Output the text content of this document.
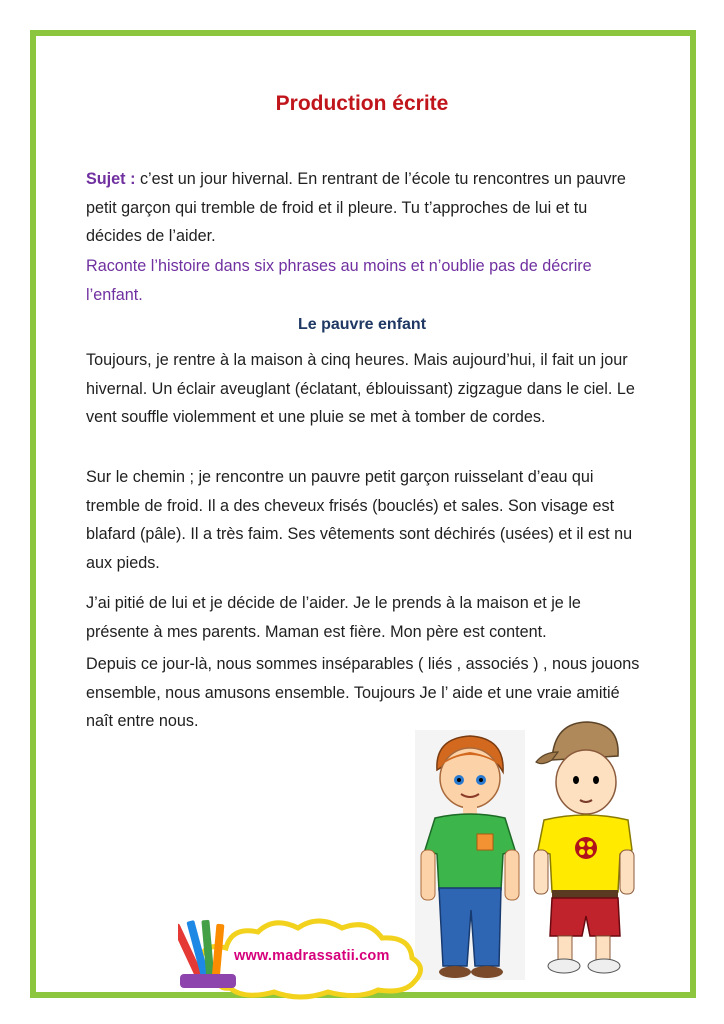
Production écrite

Sujet : c’est un jour hivernal. En rentrant de l’école tu rencontres un pauvre petit garçon qui tremble de froid et il pleure. Tu t’approches de lui et tu décides de l’aider.

Raconte l’histoire dans six phrases au moins et n’oublie pas de décrire l’enfant.

Le pauvre enfant

Toujours, je rentre à la maison à cinq heures. Mais aujourd’hui, il fait un jour hivernal. Un éclair aveuglant (éclatant, éblouissant) zigzague dans le ciel. Le vent souffle violemment et une pluie se met à tomber de cordes.

Sur le chemin ; je rencontre un pauvre petit garçon ruisselant d’eau qui tremble de froid. Il a des cheveux frisés (bouclés) et sales. Son visage est blafard (pâle). Il a très faim. Ses vêtements sont déchirés (usées) et il est nu aux pieds.

J’ai pitié de lui et je décide de l’aider. Je le prends à la maison et je le présente à mes parents. Maman est fière. Mon père est content.

Depuis ce jour-là, nous sommes inséparables ( liés , associés ) , nous jouons ensemble, nous amusons ensemble. Toujours Je l’ aide et une vraie amitié naît entre nous.

www.madrassatii.com
